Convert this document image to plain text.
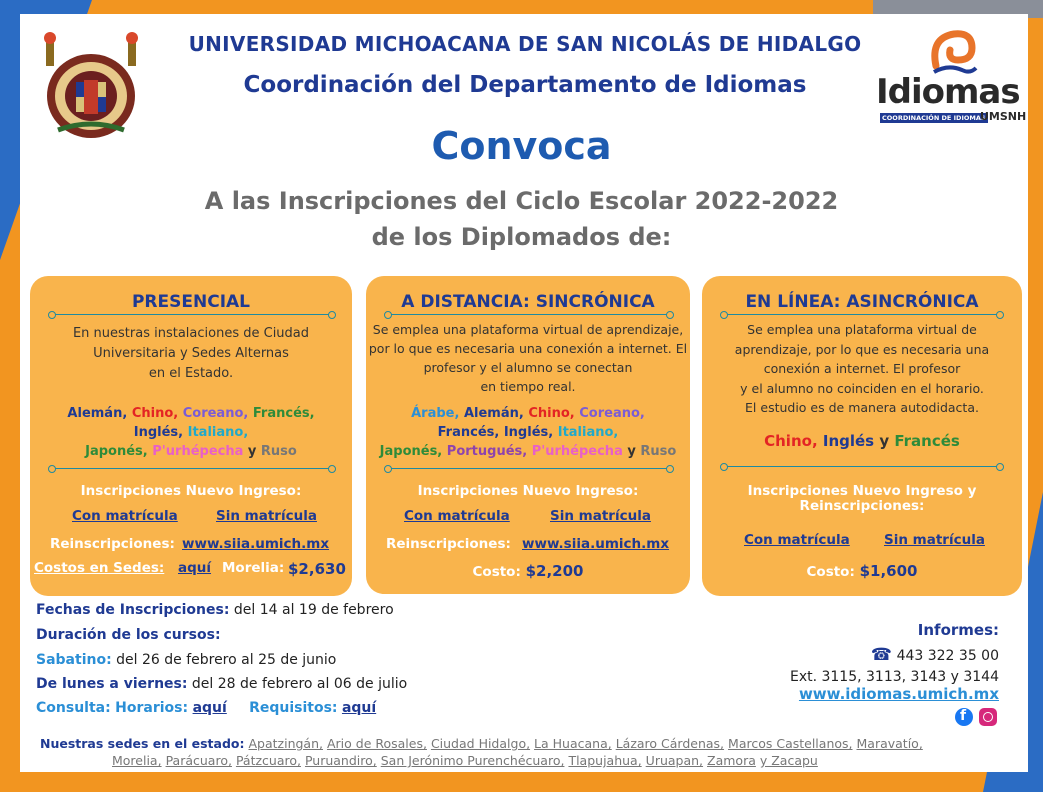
UNIVERSIDAD MICHOACANA DE SAN NICOLÁS DE HIDALGO
Coordinación del Departamento de Idiomas	Idiomas
COORDINACIÓN DE IDIOMAS
UMSNH
Convoca
A las Inscripciones del Ciclo Escolar 2022-2022
de los Diplomados de:
PRESENCIAL
En nuestras instalaciones de Ciudad
Universitaria y Sedes Alternas
en el Estado.
Alemán, Chino, Coreano, Francés,
Inglés, Italiano,
Japonés, P'urhépecha y Ruso
Inscripciones Nuevo Ingreso:
Con matrícula	Sin matrícula
Reinscripciones: www.siia.umich.mx
Costos en Sedes: aquí Morelia: $2,630
A DISTANCIA: SINCRÓNICA
Se emplea una plataforma virtual de aprendizaje,
por lo que es necesaria una conexión a internet. El
profesor y el alumno se conectan
en tiempo real.
Árabe, Alemán, Chino, Coreano,
Francés, Inglés, Italiano,
Japonés, Portugués, P'urhépecha y Ruso
Inscripciones Nuevo Ingreso:
Con matrícula	Sin matrícula
Reinscripciones: www.siia.umich.mx
Costo: $2,200
EN LÍNEA: ASINCRÓNICA
Se emplea una plataforma virtual de
aprendizaje, por lo que es necesaria una
conexión a internet. El profesor
y el alumno no coinciden en el horario.
El estudio es de manera autodidacta.
Chino, Inglés y Francés
Inscripciones Nuevo Ingreso y
Reinscripciones:
Con matrícula	Sin matrícula
Costo: $1,600
Fechas de Inscripciones: del 14 al 19 de febrero
Duración de los cursos:
Sabatino: del 26 de febrero al 25 de junio
De lunes a viernes: del 28 de febrero al 06 de julio
Consulta: Horarios: aquí Requisitos: aquí
Informes:
☎ 443 322 35 00
Ext. 3115, 3113, 3143 y 3144
www.idiomas.umich.mx
f
Nuestras sedes en el estado: Apatzingán, Ario de Rosales, Ciudad Hidalgo, La Huacana, Lázaro Cárdenas, Marcos Castellanos, Maravatío,
Morelia, Parácuaro, Pátzcuaro, Puruandiro, San Jerónimo Purenchécuaro, Tlapujahua, Uruapan, Zamora y Zacapu
